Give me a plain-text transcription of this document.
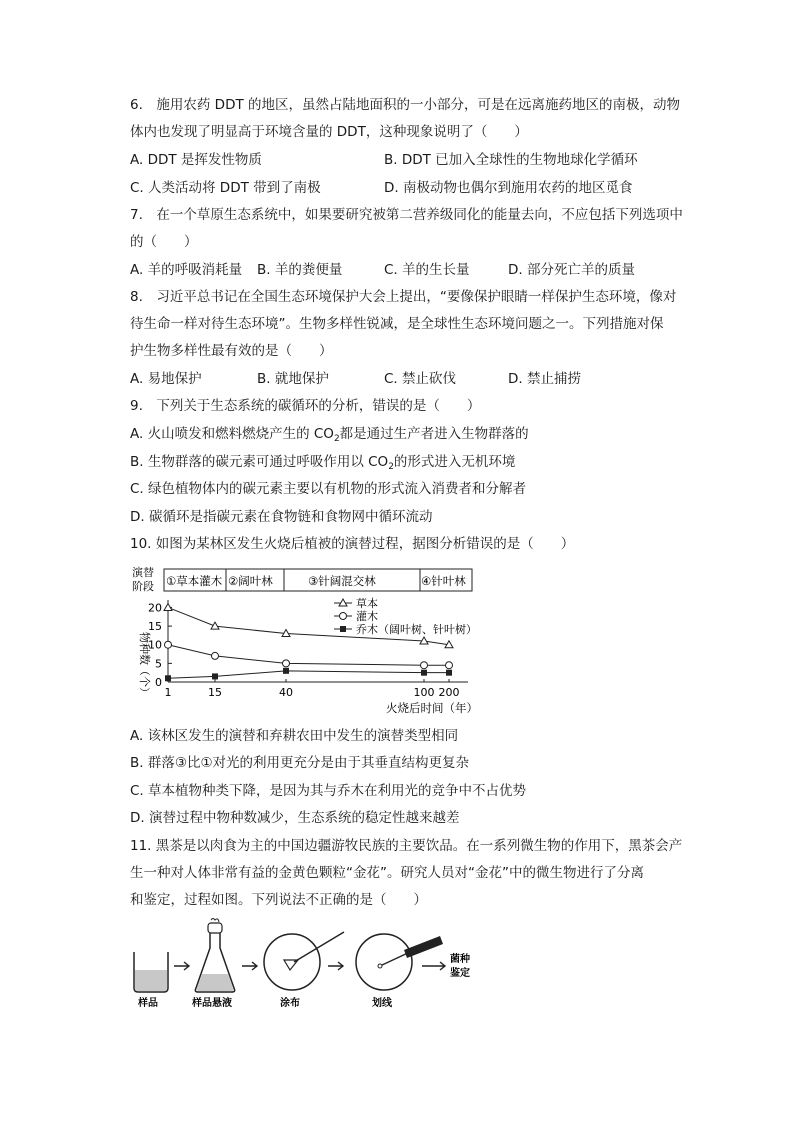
6.　施用农药 DDT 的地区，虽然占陆地面积的一小部分，可是在远离施药地区的南极，动物
体内也发现了明显高于环境含量的 DDT，这种现象说明了（　　）
A. DDT 是挥发性物质	B. DDT 已加入全球性的生物地球化学循环
C. 人类活动将 DDT 带到了南极	D. 南极动物也偶尔到施用农药的地区觅食
7.　在一个草原生态系统中，如果要研究被第二营养级同化的能量去向，不应包括下列选项中
的（　　）
A. 羊的呼吸消耗量 B. 羊的粪便量	C. 羊的生长量	D. 部分死亡羊的质量
8.　习近平总书记在全国生态环境保护大会上提出，“要像保护眼睛一样保护生态环境，像对
待生命一样对待生态环境”。生物多样性锐减，是全球性生态环境问题之一。下列措施对保
护生物多样性最有效的是（　　）
A. 易地保护	B. 就地保护	C. 禁止砍伐	D. 禁止捕捞
9.　下列关于生态系统的碳循环的分析，错误的是（　　）
A. 火山喷发和燃料燃烧产生的 $CO_2$都是通过生产者进入生物群落的
B. 生物群落的碳元素可通过呼吸作用以 $CO_2$的形式进入无机环境
C. 绿色植物体内的碳元素主要以有机物的形式流入消费者和分解者
D. 碳循环是指碳元素在食物链和食物网中循环流动
10. 如图为某林区发生火烧后植被的演替过程，据图分析错误的是（　　）
演替
阶段 ①草本灌木 ②阔叶林	③针阔混交林	④针叶林
物种数（个） 0
5
10
15
20
1	15	40	100 200
草本
灌木
乔木（阔叶树、针叶树）
火烧后时间（年）
A. 该林区发生的演替和弃耕农田中发生的演替类型相同
B. 群落③比①对光的利用更充分是由于其垂直结构更复杂
C. 草本植物种类下降，是因为其与乔木在利用光的竞争中不占优势
D. 演替过程中物种数减少，生态系统的稳定性越来越差
11. 黑茶是以肉食为主的中国边疆游牧民族的主要饮品。在一系列微生物的作用下，黑茶会产
生一种对人体非常有益的金黄色颗粒“金花”。研究人员对“金花”中的微生物进行了分离
和鉴定，过程如图。下列说法不正确的是（　　）
样品	样品悬液	涂布	划线
菌种
鉴定
